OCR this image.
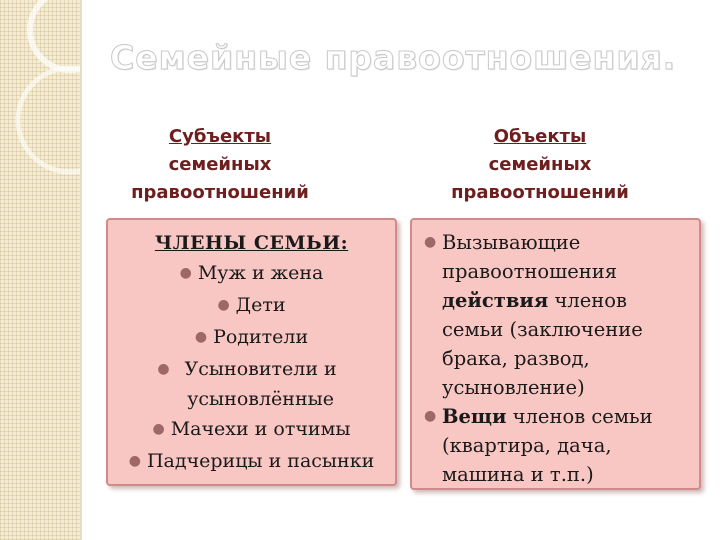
Семейные правоотношения.
Субъекты
семейных
правоотношений
Объекты
семейных
правоотношений
ЧЛЕНЫ СЕМЬИ:
● Муж и жена
● Дети
● Родители
● Усыновители и усыновлённые
● Мачехи и отчимы
● Падчерицы и пасынки
● Вызывающие правоотношения действия членов семьи (заключение брака, развод, усыновление)
● Вещи членов семьи (квартира, дача, машина и т.п.)
